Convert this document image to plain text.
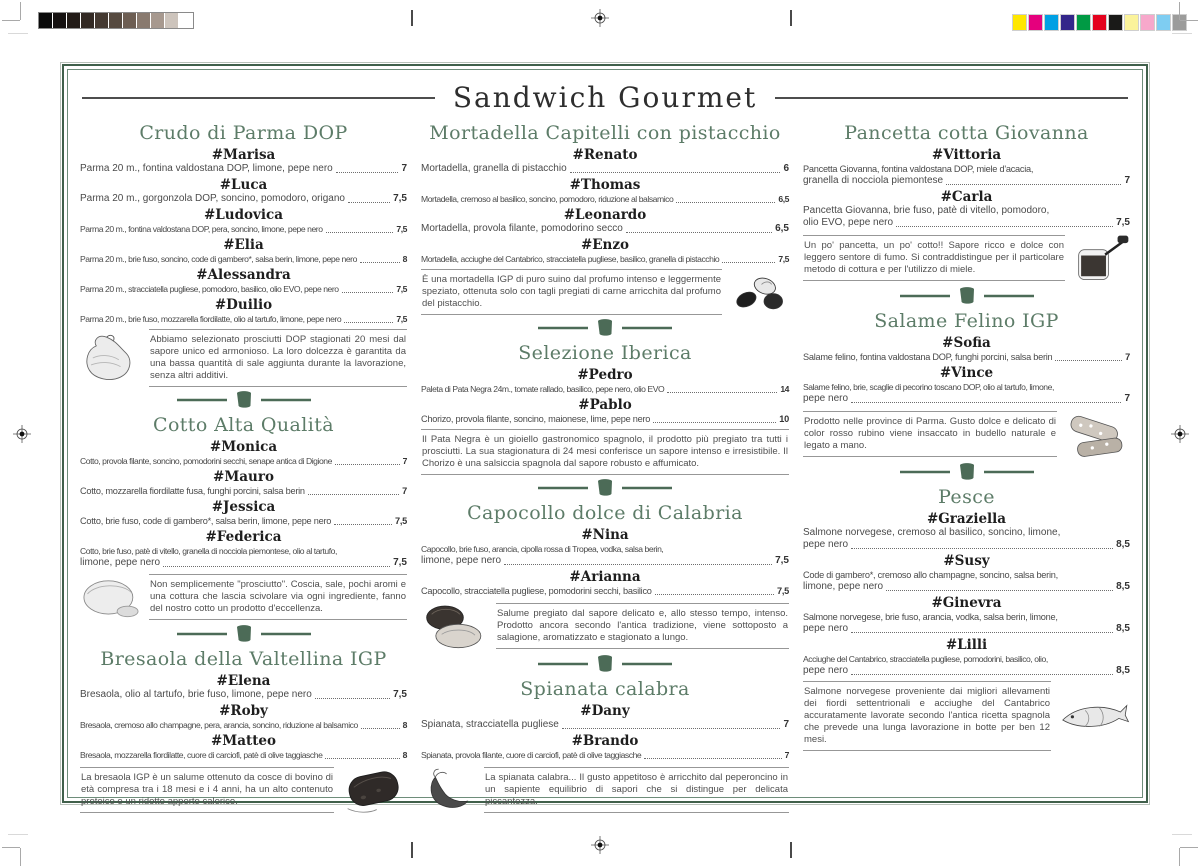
Sandwich Gourmet
Crudo di Parma DOP
#Marisa
Parma 20 m., fontina valdostana DOP, limone, pepe nero	7
#Luca
Parma 20 m., gorgonzola DOP, soncino, pomodoro, origano	7,5
#Ludovica
Parma 20 m., fontina valdostana DOP, pera, soncino, limone, pepe nero	7,5
#Elia
Parma 20 m., brie fuso, soncino, code di gambero*, salsa berin, limone, pepe nero	8
#Alessandra
Parma 20 m., stracciatella pugliese, pomodoro, basilico, olio EVO, pepe nero	7,5
#Duilio
Parma 20 m., brie fuso, mozzarella fiordilatte, olio al tartufo, limone, pepe nero	7,5
Abbiamo selezionato prosciutti DOP stagionati 20 mesi dal sapore unico ed armonioso. La loro dolcezza è garantita da una bassa quantità di sale aggiunta durante la lavorazione, senza altri additivi.
Cotto Alta Qualità
#Monica
Cotto, provola filante, soncino, pomodorini secchi, senape antica di Digione	7
#Mauro
Cotto, mozzarella fiordilatte fusa, funghi porcini, salsa berin	7
#Jessica
Cotto, brie fuso, code di gambero*, salsa berin, limone, pepe nero	7,5
#Federica
Cotto, brie fuso, patè di vitello, granella di nocciola piemontese, olio al tartufo,
limone, pepe nero	7,5
Non semplicemente "prosciutto". Coscia, sale, pochi aromi e una cottura che lascia scivolare via ogni ingrediente, fanno del nostro cotto un prodotto d'eccellenza.
Bresaola della Valtellina IGP
#Elena
Bresaola, olio al tartufo, brie fuso, limone, pepe nero	7,5
#Roby
Bresaola, cremoso allo champagne, pera, arancia, soncino, riduzione al balsamico	8
#Matteo
Bresaola, mozzarella fiordilatte, cuore di carciofi, patè di olive taggiasche	8
La bresaola IGP è un salume ottenuto da cosce di bovino di età compresa tra i 18 mesi e i 4 anni, ha un alto contenuto proteico e un ridotto apporto calorico.
Mortadella Capitelli con pistacchio
#Renato
Mortadella, granella di pistacchio	6
#Thomas
Mortadella, cremoso al basilico, soncino, pomodoro, riduzione al balsamico	6,5
#Leonardo
Mortadella, provola filante, pomodorino secco	6,5
#Enzo
Mortadella, acciughe del Cantabrico, stracciatella pugliese, basilico, granella di pistacchio	7,5
È una mortadella IGP di puro suino dal profumo intenso e leggermente speziato, ottenuta solo con tagli pregiati di carne arricchita dal profumo del pistacchio.
Selezione Iberica
#Pedro
Paleta di Pata Negra 24m., tomate rallado, basilico, pepe nero, olio EVO	14
#Pablo
Chorizo, provola filante, soncino, maionese, lime, pepe nero	10
Il Pata Negra è un gioiello gastronomico spagnolo, il prodotto più pregiato tra tutti i prosciutti. La sua stagionatura di 24 mesi conferisce un sapore intenso e irresistibile. Il Chorizo è una salsiccia spagnola dal sapore robusto e affumicato.
Capocollo dolce di Calabria
#Nina
Capocollo, brie fuso, arancia, cipolla rossa di Tropea, vodka, salsa berin,
limone, pepe nero	7,5
#Arianna
Capocollo, stracciatella pugliese, pomodorini secchi, basilico	7,5
Salume pregiato dal sapore delicato e, allo stesso tempo, intenso. Prodotto ancora secondo l'antica tradizione, viene sottoposto a salagione, aromatizzato e stagionato a lungo.
Spianata calabra
#Dany
Spianata, stracciatella pugliese	7
#Brando
Spianata, provola filante, cuore di carciofi, patè di olive taggiasche	7
La spianata calabra... Il gusto appetitoso è arricchito dal peperoncino in un sapiente equilibrio di sapori che si distingue per delicata piccantezza.
Pancetta cotta Giovanna
#Vittoria
Pancetta Giovanna, fontina valdostana DOP, miele d'acacia,
granella di nocciola piemontese	7
#Carla
Pancetta Giovanna, brie fuso, patè di vitello, pomodoro,
olio EVO, pepe nero	7,5
Un po' pancetta, un po' cotto!! Sapore ricco e dolce con leggero sentore di fumo. Si contraddistingue per il particolare metodo di cottura e per l'utilizzo di miele.
Salame Felino IGP
#Sofia
Salame felino, fontina valdostana DOP, funghi porcini, salsa berin	7
#Vince
Salame felino, brie, scaglie di pecorino toscano DOP, olio al tartufo, limone,
pepe nero	7
Prodotto nelle province di Parma. Gusto dolce e delicato di color rosso rubino viene insaccato in budello naturale e legato a mano.
Pesce
#Graziella
Salmone norvegese, cremoso al basilico, soncino, limone,
pepe nero	8,5
#Susy
Code di gambero*, cremoso allo champagne, soncino, salsa berin,
limone, pepe nero	8,5
#Ginevra
Salmone norvegese, brie fuso, arancia, vodka, salsa berin, limone,
pepe nero	8,5
#Lilli
Acciughe del Cantabrico, stracciatella pugliese, pomodorini, basilico, olio,
pepe nero	8,5
Salmone norvegese proveniente dai migliori allevamenti dei fiordi settentrionali e acciughe del Cantabrico accuratamente lavorate secondo l'antica ricetta spagnola che prevede una lunga lavorazione in botte per ben 12 mesi.
